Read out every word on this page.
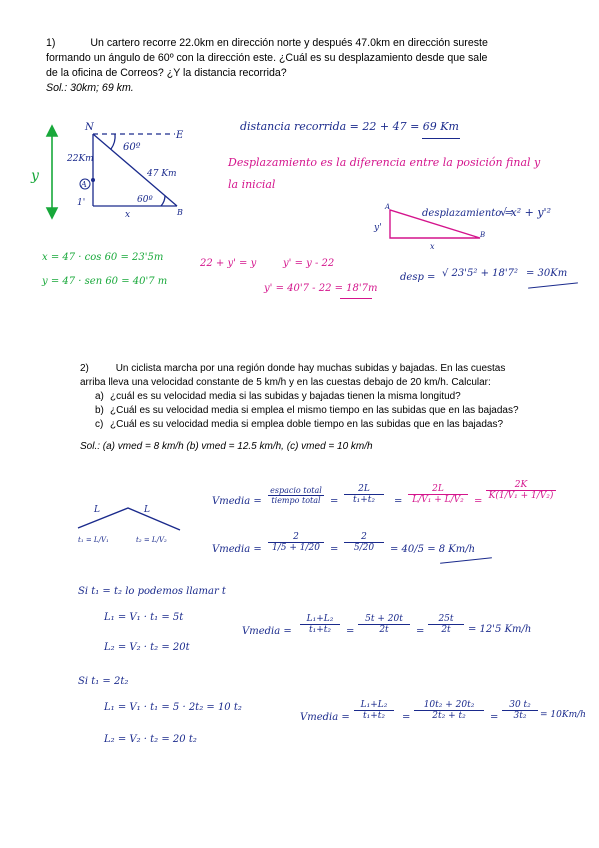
1)	Un cartero recorre 22.0km en dirección norte y después 47.0km en dirección sureste
formando un ángulo de 60º con la dirección este. ¿Cuál es su desplazamiento desde que sale
de la oficina de Correos? ¿Y la distancia recorrida?
Sol.: 30km; 69 km.
y
N
E
60º
22Km
47 Km
A
1'	60º
x	B
distancia recorrida = 22 + 47 = 69 Km
Desplazamiento es la diferencia entre la posición final y
la inicial
A
y'
x
B
desplazamiento =
√ x² + y'²
x = 47 · cos 60 = 23'5m
y = 47 · sen 60 = 40'7 m
22 + y' = y	y' = y - 22
y' = 40'7 - 22 = 18'7m
desp = √ 23'5² + 18'7² = 30Km
2)	Un ciclista marcha por una región donde hay muchas subidas y bajadas. En las cuestas
arriba lleva una velocidad constante de 5 km/h y en las cuestas debajo de 20 km/h. Calcular:
a) ¿cuál es su velocidad media si las subidas y bajadas tienen la misma longitud?
b) ¿Cuál es su velocidad media si emplea el mismo tiempo en las subidas que en las bajadas?
c) ¿Cuál es su velocidad media si emplea doble tiempo en las subidas que en las bajadas?
Sol.: (a) vmed = 8 km/h (b) vmed = 12.5 km/h, (c) vmed = 10 km/h
L	L
t₁ = L/V₁	t₂ = L/V₂
Vmedia =
espacio total
tiempo total =
2L
t₁+t₂	=
2L
L/V₁ + L/V₂	=
2K
K(1/V₁ + 1/V₂)
Vmedia =
2
1/5 + 1/20	=
2
5/20	= 40/5 = 8 Km/h
Si t₁ = t₂ lo podemos llamar t
L₁ = V₁ · t₁ = 5t
L₂ = V₂ · t₂ = 20t
Vmedia =
L₁+L₂
t₁+t₂	=
5t + 20t
2t	=
25t
2t	= 12'5 Km/h
Si t₁ = 2t₂
L₁ = V₁ · t₁ = 5 · 2t₂ = 10 t₂
L₂ = V₂ · t₂ = 20 t₂
Vmedia =
L₁+L₂
t₁+t₂	=
10t₂ + 20t₂
2t₂ + t₂	=
30 t₂
3t₂	= 10Km/h
